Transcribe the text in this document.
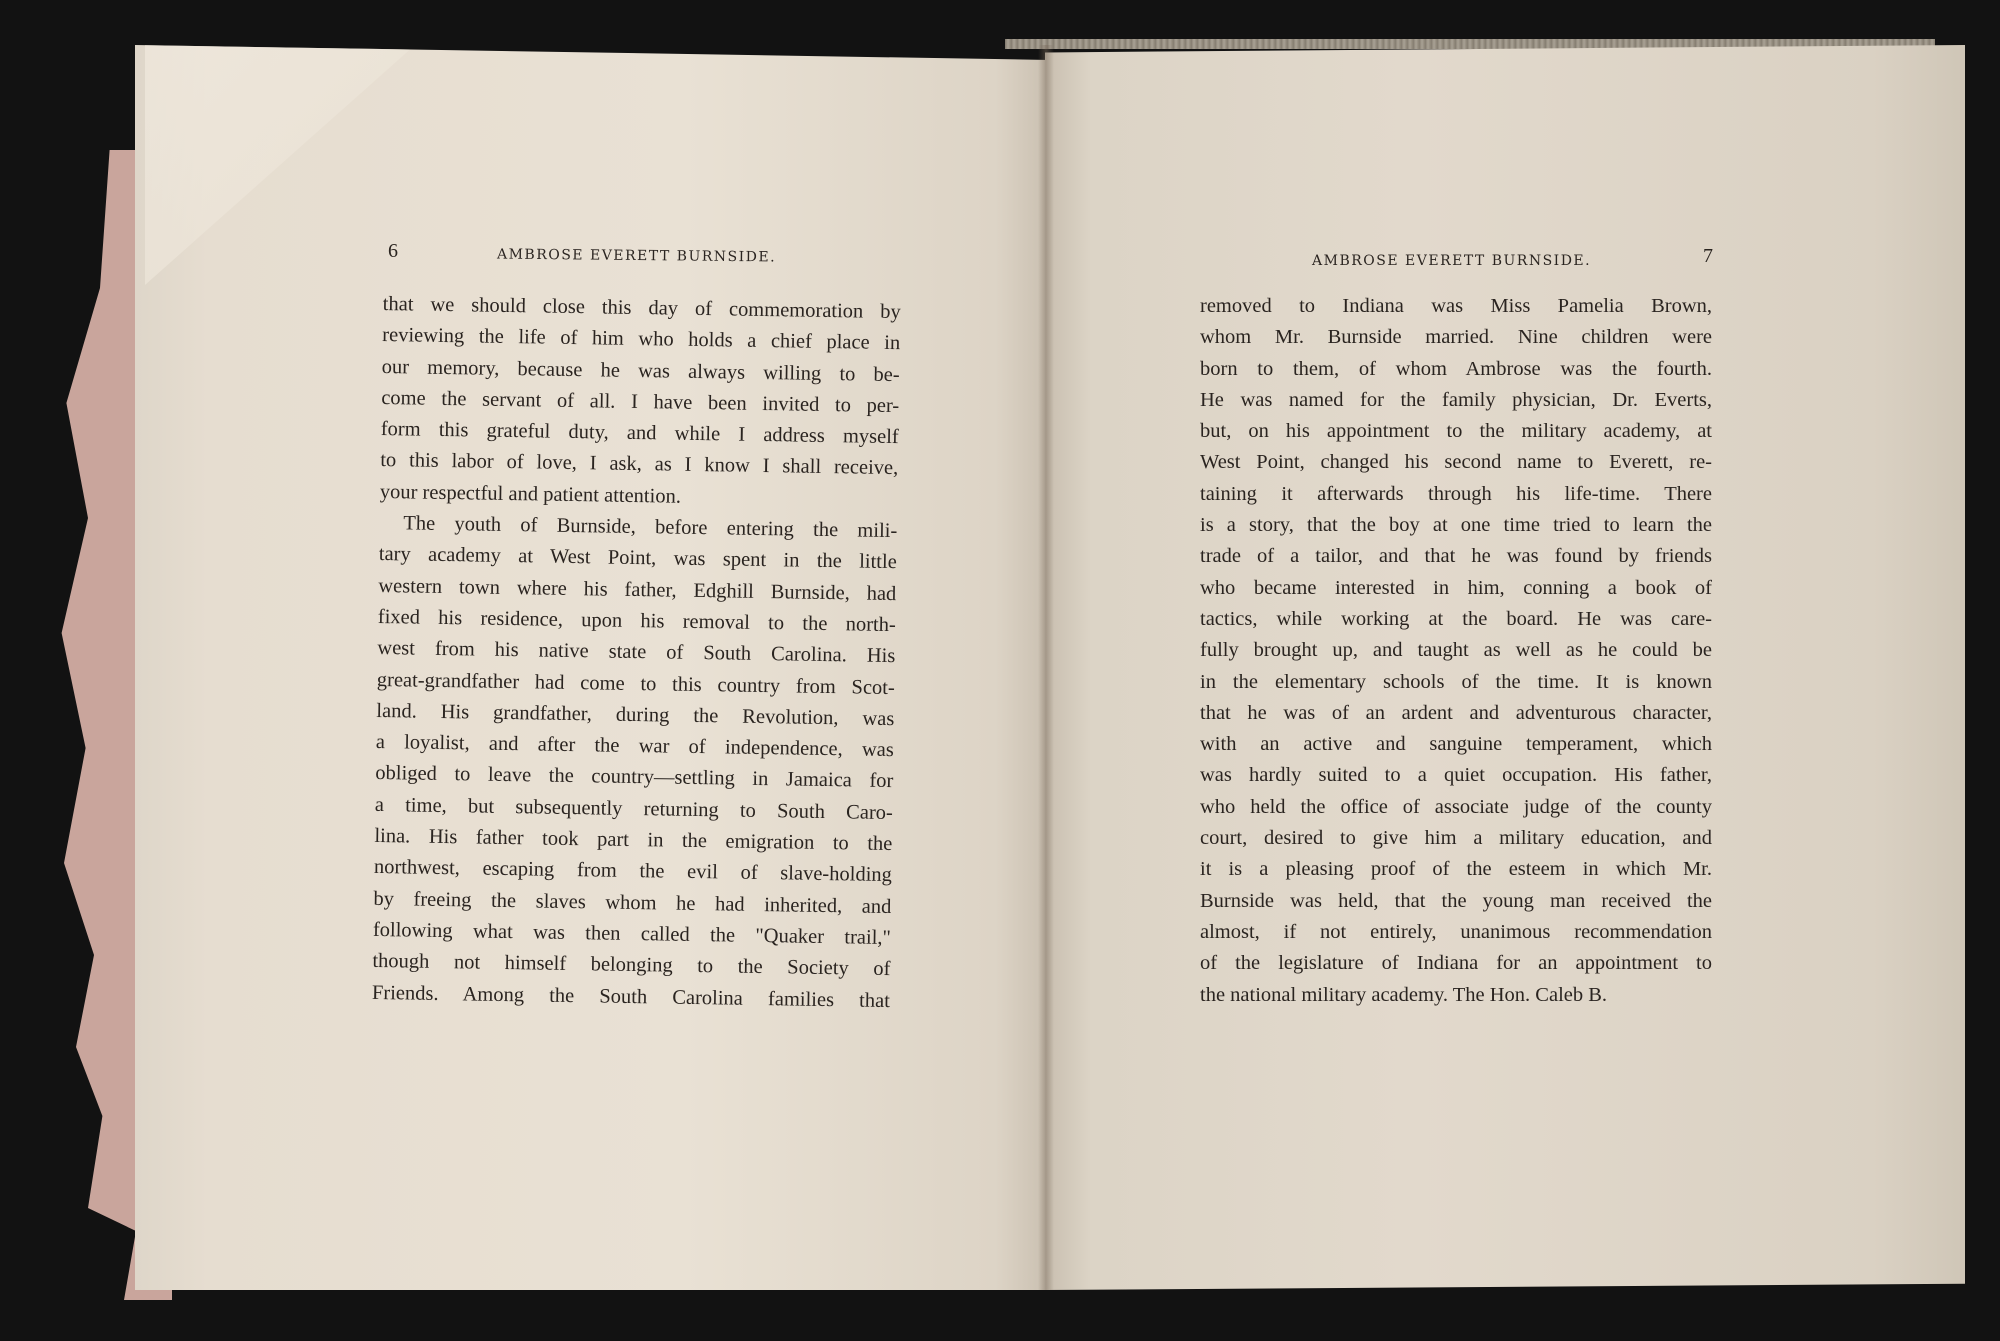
6	AMBROSE EVERETT BURNSIDE.
that we should close this day of commemoration by
reviewing the life of him who holds a chief place in
our memory, because he was always willing to be-
come the servant of all. I have been invited to per-
form this grateful duty, and while I address myself
to this labor of love, I ask, as I know I shall receive,
your respectful and patient attention.
The youth of Burnside, before entering the mili-
tary academy at West Point, was spent in the little
western town where his father, Edghill Burnside, had
fixed his residence, upon his removal to the north-
west from his native state of South Carolina. His
great-grandfather had come to this country from Scot-
land. His grandfather, during the Revolution, was
a loyalist, and after the war of independence, was
obliged to leave the country—settling in Jamaica for
a time, but subsequently returning to South Caro-
lina. His father took part in the emigration to the
northwest, escaping from the evil of slave-holding
by freeing the slaves whom he had inherited, and
following what was then called the "Quaker trail,"
though not himself belonging to the Society of
Friends. Among the South Carolina families that
AMBROSE EVERETT BURNSIDE.	7
removed to Indiana was Miss Pamelia Brown,
whom Mr. Burnside married. Nine children were
born to them, of whom Ambrose was the fourth.
He was named for the family physician, Dr. Everts,
but, on his appointment to the military academy, at
West Point, changed his second name to Everett, re-
taining it afterwards through his life-time. There
is a story, that the boy at one time tried to learn the
trade of a tailor, and that he was found by friends
who became interested in him, conning a book of
tactics, while working at the board. He was care-
fully brought up, and taught as well as he could be
in the elementary schools of the time. It is known
that he was of an ardent and adventurous character,
with an active and sanguine temperament, which
was hardly suited to a quiet occupation. His father,
who held the office of associate judge of the county
court, desired to give him a military education, and
it is a pleasing proof of the esteem in which Mr.
Burnside was held, that the young man received the
almost, if not entirely, unanimous recommendation
of the legislature of Indiana for an appointment to
the national military academy. The Hon. Caleb B.
